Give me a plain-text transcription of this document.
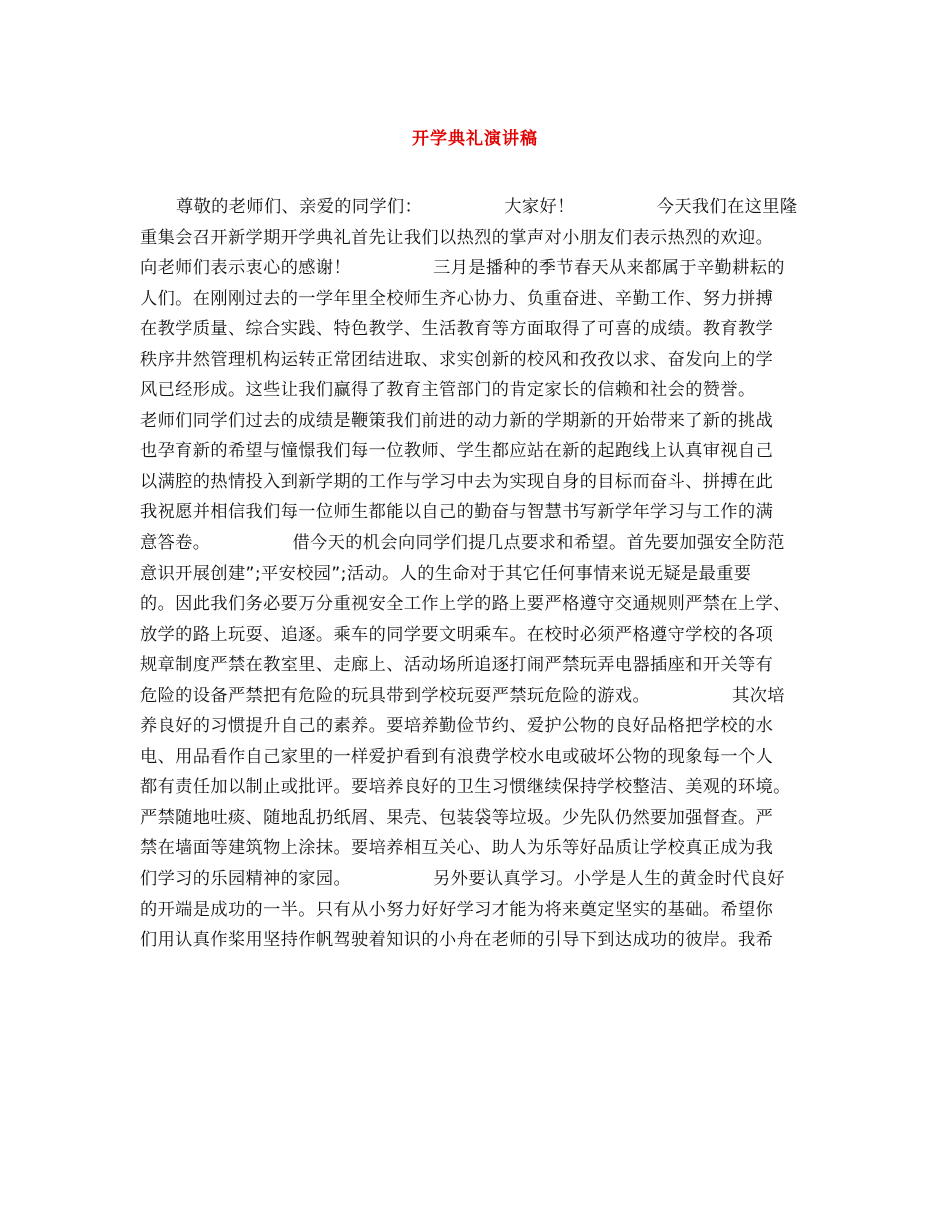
开学典礼演讲稿
尊敬的老师们、亲爱的同学们：              大家好！              今天我们在这里隆
重集会召开新学期开学典礼首先让我们以热烈的掌声对小朋友们表示热烈的欢迎。
向老师们表示衷心的感谢！              三月是播种的季节春天从来都属于辛勤耕耘的
人们。在刚刚过去的一学年里全校师生齐心协力、负重奋进、辛勤工作、努力拼搏
在教学质量、综合实践、特色教学、生活教育等方面取得了可喜的成绩。教育教学
秩序井然管理机构运转正常团结进取、求实创新的校风和孜孜以求、奋发向上的学
风已经形成。这些让我们赢得了教育主管部门的肯定家长的信赖和社会的赞誉。
老师们同学们过去的成绩是鞭策我们前进的动力新的学期新的开始带来了新的挑战
也孕育新的希望与憧憬我们每一位教师、学生都应站在新的起跑线上认真审视自己
以满腔的热情投入到新学期的工作与学习中去为实现自身的目标而奋斗、拼搏在此
我祝愿并相信我们每一位师生都能以自己的勤奋与智慧书写新学年学习与工作的满
意答卷。              借今天的机会向同学们提几点要求和希望。首先要加强安全防范
意识开展创建”;平安校园”;活动。人的生命对于其它任何事情来说无疑是最重要
的。因此我们务必要万分重视安全工作上学的路上要严格遵守交通规则严禁在上学、
放学的路上玩耍、追逐。乘车的同学要文明乘车。在校时必须严格遵守学校的各项
规章制度严禁在教室里、走廊上、活动场所追逐打闹严禁玩弄电器插座和开关等有
危险的设备严禁把有危险的玩具带到学校玩耍严禁玩危险的游戏。              其次培
养良好的习惯提升自己的素养。要培养勤俭节约、爱护公物的良好品格把学校的水
电、用品看作自己家里的一样爱护看到有浪费学校水电或破坏公物的现象每一个人
都有责任加以制止或批评。要培养良好的卫生习惯继续保持学校整洁、美观的环境。
严禁随地吐痰、随地乱扔纸屑、果壳、包装袋等垃圾。少先队仍然要加强督查。严
禁在墙面等建筑物上涂抹。要培养相互关心、助人为乐等好品质让学校真正成为我
们学习的乐园精神的家园。              另外要认真学习。小学是人生的黄金时代良好
的开端是成功的一半。只有从小努力好好学习才能为将来奠定坚实的基础。希望你
们用认真作桨用坚持作帆驾驶着知识的小舟在老师的引导下到达成功的彼岸。我希
